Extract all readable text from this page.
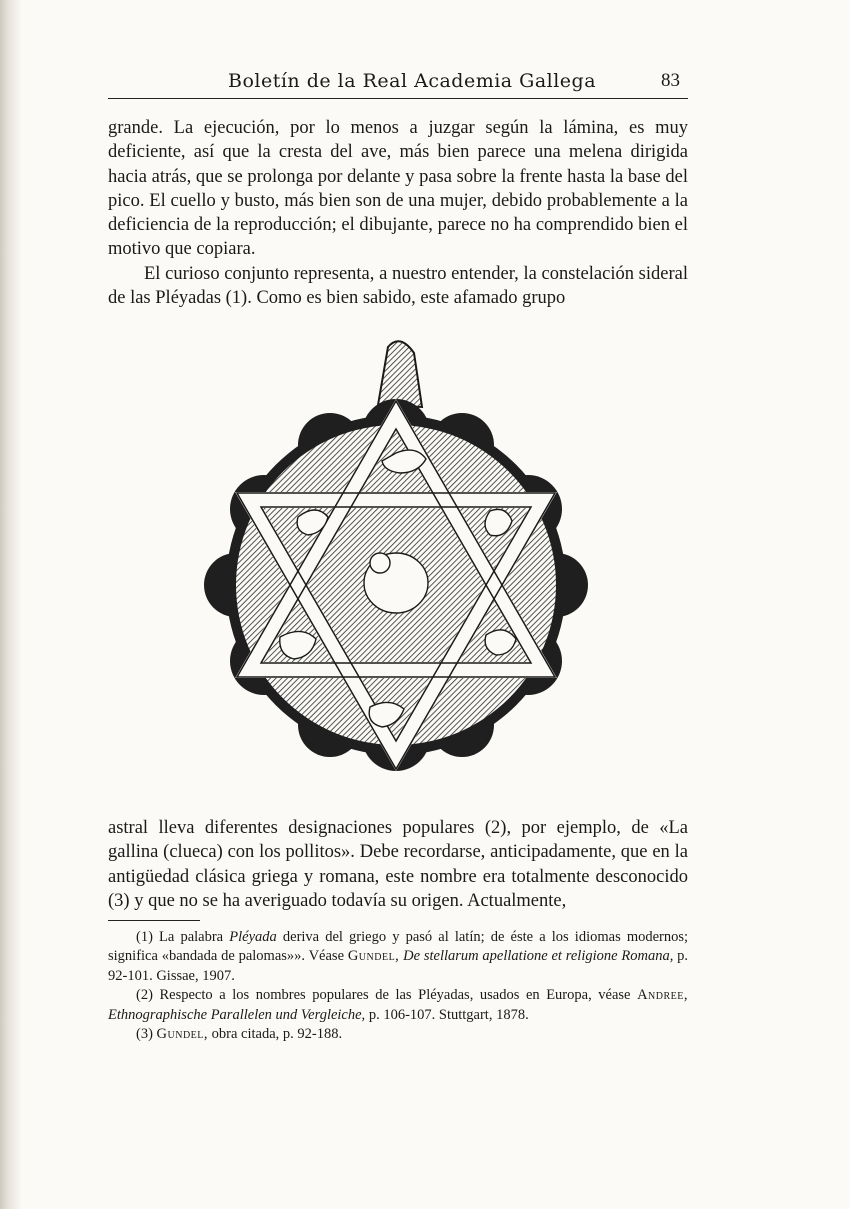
Boletín de la Real Academia Gallega	83

grande. La ejecución, por lo menos a juzgar según la lámina, es muy deficiente, así que la cresta del ave, más bien parece una melena dirigida hacia atrás, que se prolonga por delante y pasa sobre la frente hasta la base del pico. El cuello y busto, más bien son de una mujer, debido probablemente a la deficiencia de la reproducción; el dibujante, parece no ha comprendido bien el motivo que copiara.

El curioso conjunto representa, a nuestro entender, la constelación sideral de las Pléyadas (1). Como es bien sabido, este afamado grupo

astral lleva diferentes designaciones populares (2), por ejemplo, de «La gallina (clueca) con los pollitos». Debe recordarse, anticipadamente, que en la antigüedad clásica griega y romana, este nombre era totalmente desconocido (3) y que no se ha averiguado todavía su origen. Actualmente,

(1) La palabra Pléyada deriva del griego y pasó al latín; de éste a los idiomas modernos; significa «bandada de palomas»». Véase Gundel, De stellarum apellatione et religione Romana, p. 92-101. Gissae, 1907.

(2) Respecto a los nombres populares de las Pléyadas, usados en Europa, véase Andree, Ethnographische Parallelen und Vergleiche, p. 106-107. Stuttgart, 1878.

(3) Gundel, obra citada, p. 92-188.
